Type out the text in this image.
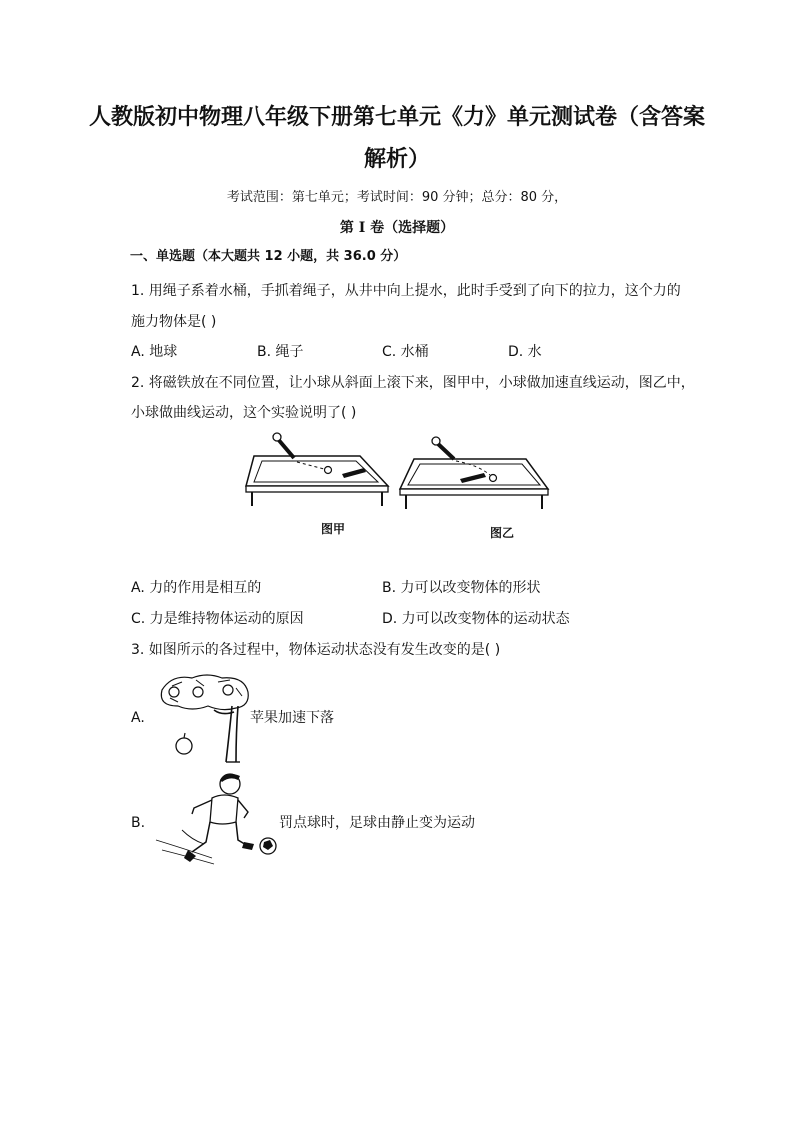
人教版初中物理八年级下册第七单元《力》单元测试卷（含答案
解析）
考试范围：第七单元；考试时间：90 分钟；总分：80 分，
第 I 卷（选择题）
一、单选题（本大题共 12 小题，共 36.0 分）
1. 用绳子系着水桶，手抓着绳子，从井中向上提水，此时手受到了向下的拉力，这个力的
施力物体是( )
A. 地球	B. 绳子	C. 水桶	D. 水
2. 将磁铁放在不同位置，让小球从斜面上滚下来，图甲中，小球做加速直线运动，图乙中，
小球做曲线运动，这个实验说明了( )
图甲	图乙
A. 力的作用是相互的	B. 力可以改变物体的形状
C. 力是维持物体运动的原因	D. 力可以改变物体的运动状态
3. 如图所示的各过程中，物体运动状态没有发生改变的是( )
A.	苹果加速下落
B.	罚点球时，足球由静止变为运动
